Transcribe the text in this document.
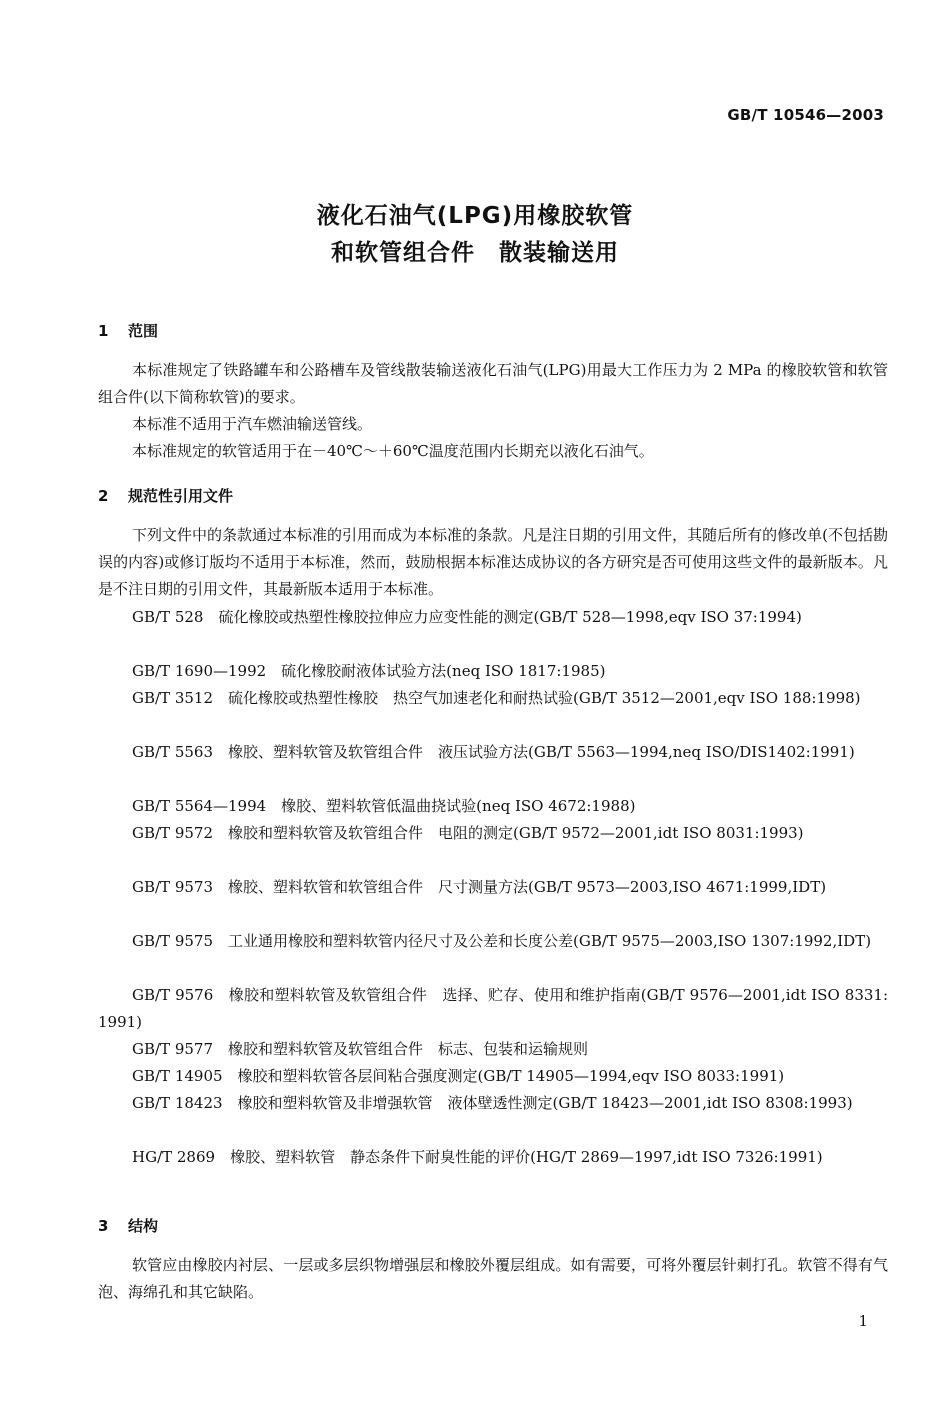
GB/T 10546—2003
液化石油气(LPG)用橡胶软管
和软管组合件　散装输送用
1 范围
本标准规定了铁路罐车和公路槽车及管线散装输送液化石油气(LPG)用最大工作压力为 2 MPa 的橡胶软管和软管组合件(以下简称软管)的要求。
本标准不适用于汽车燃油输送管线。
本标准规定的软管适用于在－40℃～＋60℃温度范围内长期充以液化石油气。
2 规范性引用文件
下列文件中的条款通过本标准的引用而成为本标准的条款。凡是注日期的引用文件，其随后所有的修改单(不包括勘误的内容)或修订版均不适用于本标准，然而，鼓励根据本标准达成协议的各方研究是否可使用这些文件的最新版本。凡是不注日期的引用文件，其最新版本适用于本标准。
GB/T 528　硫化橡胶或热塑性橡胶拉伸应力应变性能的测定(GB/T 528—1998,eqv ISO 37:1994)
GB/T 1690—1992　硫化橡胶耐液体试验方法(neq ISO 1817:1985)
GB/T 3512　硫化橡胶或热塑性橡胶　热空气加速老化和耐热试验(GB/T 3512—2001,eqv ISO 188:1998)
GB/T 5563　橡胶、塑料软管及软管组合件　液压试验方法(GB/T 5563—1994,neq ISO/DIS1402:1991)
GB/T 5564—1994　橡胶、塑料软管低温曲挠试验(neq ISO 4672:1988)
GB/T 9572　橡胶和塑料软管及软管组合件　电阻的测定(GB/T 9572—2001,idt ISO 8031:1993)
GB/T 9573　橡胶、塑料软管和软管组合件　尺寸测量方法(GB/T 9573—2003,ISO 4671:1999,IDT)
GB/T 9575　工业通用橡胶和塑料软管内径尺寸及公差和长度公差(GB/T 9575—2003,ISO 1307:1992,IDT)
GB/T 9576　橡胶和塑料软管及软管组合件　选择、贮存、使用和维护指南(GB/T 9576—2001,idt ISO 8331:1991)
GB/T 9577　橡胶和塑料软管及软管组合件　标志、包装和运输规则
GB/T 14905　橡胶和塑料软管各层间粘合强度测定(GB/T 14905—1994,eqv ISO 8033:1991)
GB/T 18423　橡胶和塑料软管及非增强软管　液体壁透性测定(GB/T 18423—2001,idt ISO 8308:1993)
HG/T 2869　橡胶、塑料软管　静态条件下耐臭性能的评价(HG/T 2869—1997,idt ISO 7326:1991)
3 结构
软管应由橡胶内衬层、一层或多层织物增强层和橡胶外覆层组成。如有需要，可将外覆层针刺打孔。软管不得有气泡、海绵孔和其它缺陷。
1
